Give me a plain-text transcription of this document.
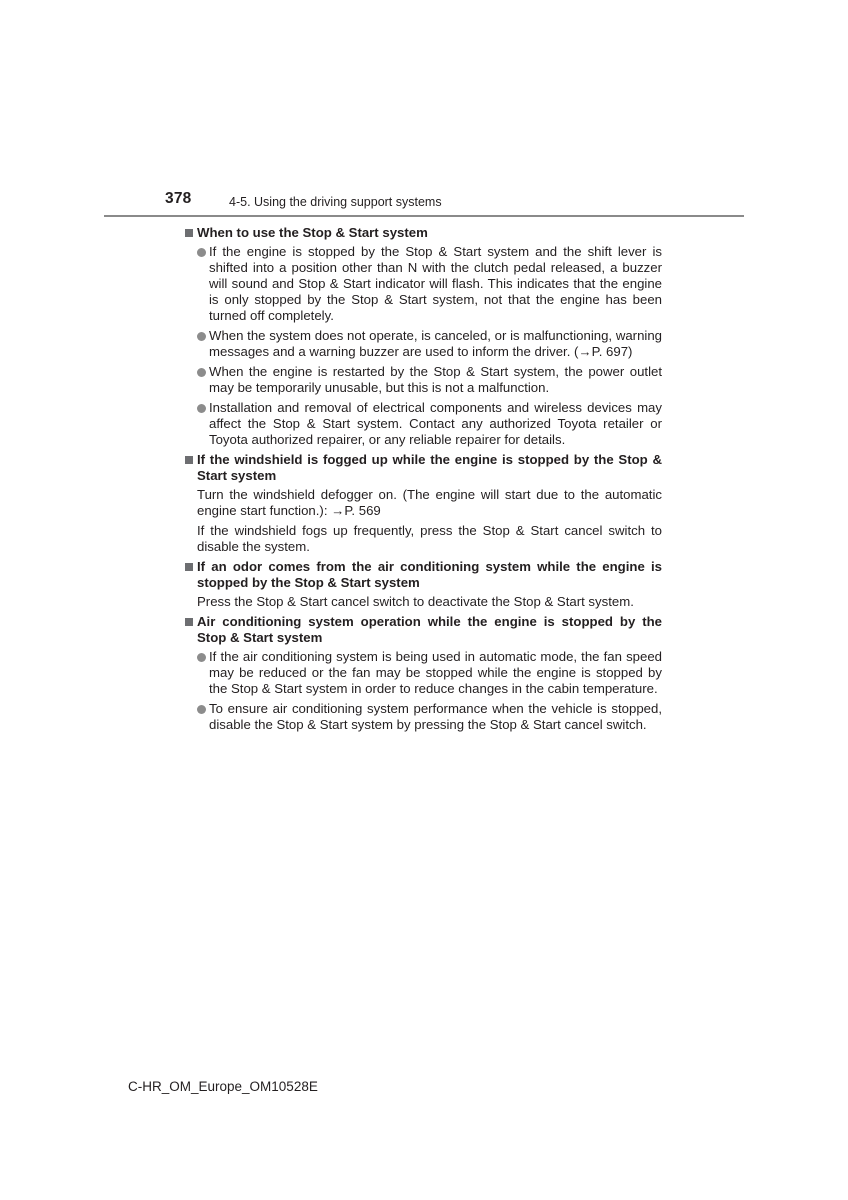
378	4-5. Using the driving support systems
When to use the Stop & Start system
If the engine is stopped by the Stop & Start system and the shift lever is shifted into a position other than N with the clutch pedal released, a buzzer will sound and Stop & Start indicator will flash. This indicates that the engine is only stopped by the Stop & Start system, not that the engine has been turned off completely.
When the system does not operate, is canceled, or is malfunctioning, warning messages and a warning buzzer are used to inform the driver. (→P. 697)
When the engine is restarted by the Stop & Start system, the power outlet may be temporarily unusable, but this is not a malfunction.
Installation and removal of electrical components and wireless devices may affect the Stop & Start system. Contact any authorized Toyota retailer or Toyota authorized repairer, or any reliable repairer for details.
If the windshield is fogged up while the engine is stopped by the Stop & Start system
Turn the windshield defogger on. (The engine will start due to the automatic engine start function.): →P. 569
If the windshield fogs up frequently, press the Stop & Start cancel switch to disable the system.
If an odor comes from the air conditioning system while the engine is stopped by the Stop & Start system
Press the Stop & Start cancel switch to deactivate the Stop & Start system.
Air conditioning system operation while the engine is stopped by the Stop & Start system
If the air conditioning system is being used in automatic mode, the fan speed may be reduced or the fan may be stopped while the engine is stopped by the Stop & Start system in order to reduce changes in the cabin temperature.
To ensure air conditioning system performance when the vehicle is stopped, disable the Stop & Start system by pressing the Stop & Start cancel switch.
C-HR_OM_Europe_OM10528E
